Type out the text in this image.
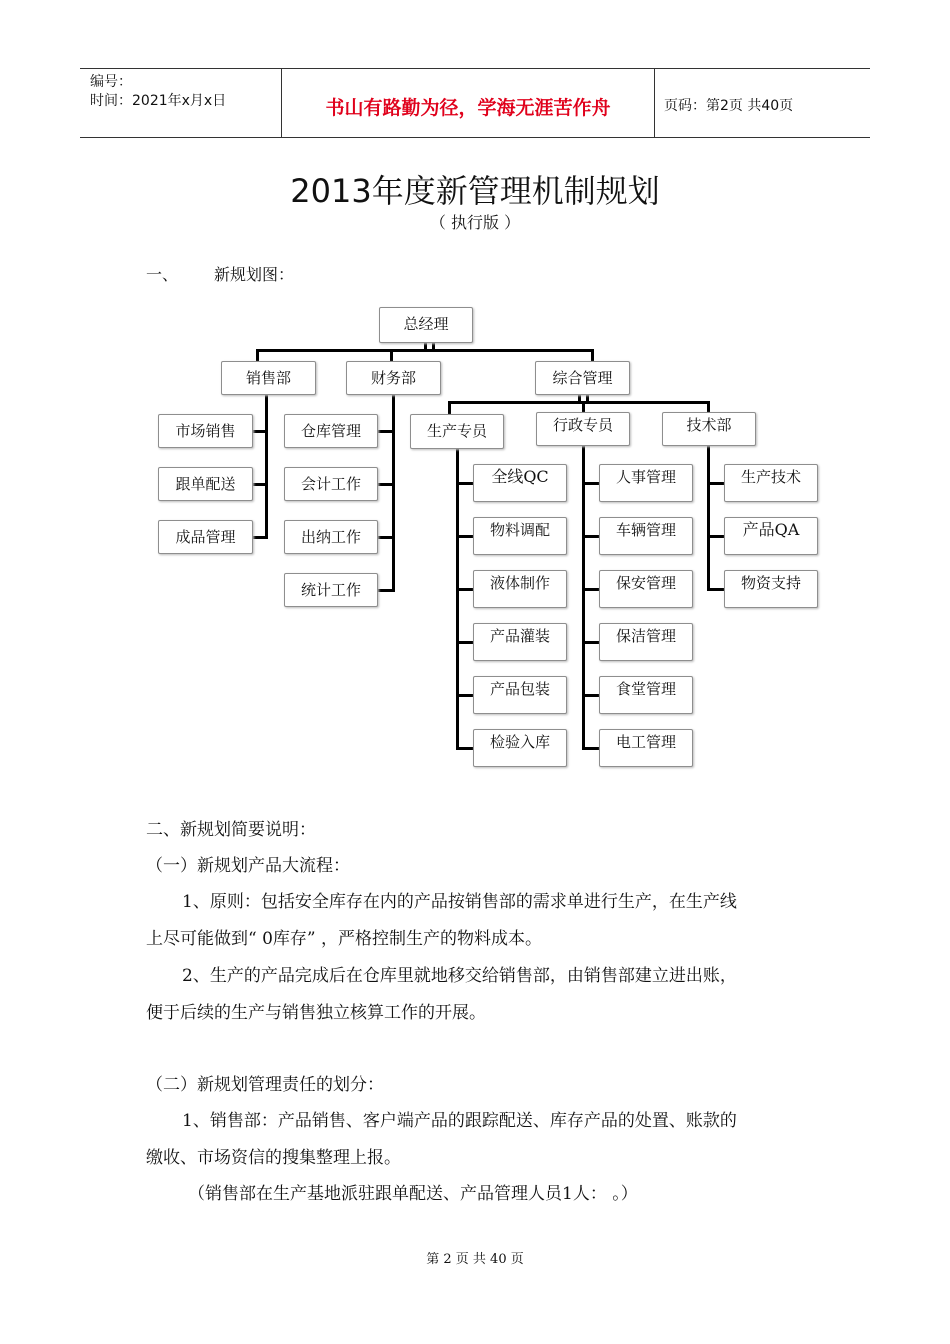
编号：
时间：2021年x月x日	书山有路勤为径，学海无涯苦作舟	页码：第2页 共40页
2013年度新管理机制规划
（ 执行版 ）
一、 新规划图：
总经理
销售部	财务部	综合管理
市场销售
跟单配送
成品管理
仓库管理
会计工作
出纳工作
统计工作
生产专员	行政专员	技术部
全线QC
物料调配
液体制作
产品灌装
产品包装
检验入库
人事管理
车辆管理
保安管理
保洁管理
食堂管理
电工管理
生产技术
产品QA
物资支持
二、新规划简要说明：
（一）新规划产品大流程：
1、原则：包括安全库存在内的产品按销售部的需求单进行生产，在生产线
上尽可能做到“ 0库存” ，严格控制生产的物料成本。
2、生产的产品完成后在仓库里就地移交给销售部，由销售部建立进出账，
便于后续的生产与销售独立核算工作的开展。
（二）新规划管理责任的划分：
1、销售部：产品销售、客户端产品的跟踪配送、库存产品的处置、账款的
缴收、市场资信的搜集整理上报。
（销售部在生产基地派驻跟单配送、产品管理人员1人： 。）
第 2 页 共 40 页
